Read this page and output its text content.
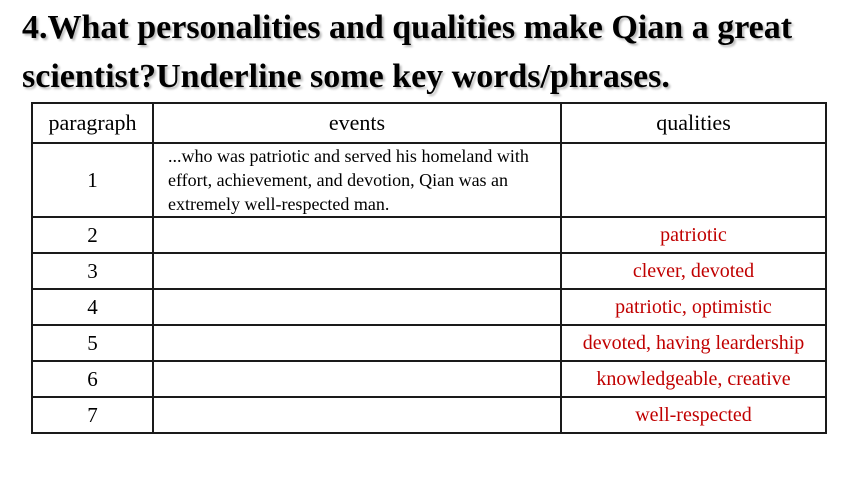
4.What personalities and qualities make Qian a great
scientist?Underline some key words/phrases.
paragraph	events	qualities
1	...who was patriotic and served his homeland with effort, achievement, and devotion, Qian was an extremely well-respected man.	
2		patriotic
3		clever, devoted
4		patriotic, optimistic
5		devoted, having leardership
6		knowledgeable, creative
7		well-respected
